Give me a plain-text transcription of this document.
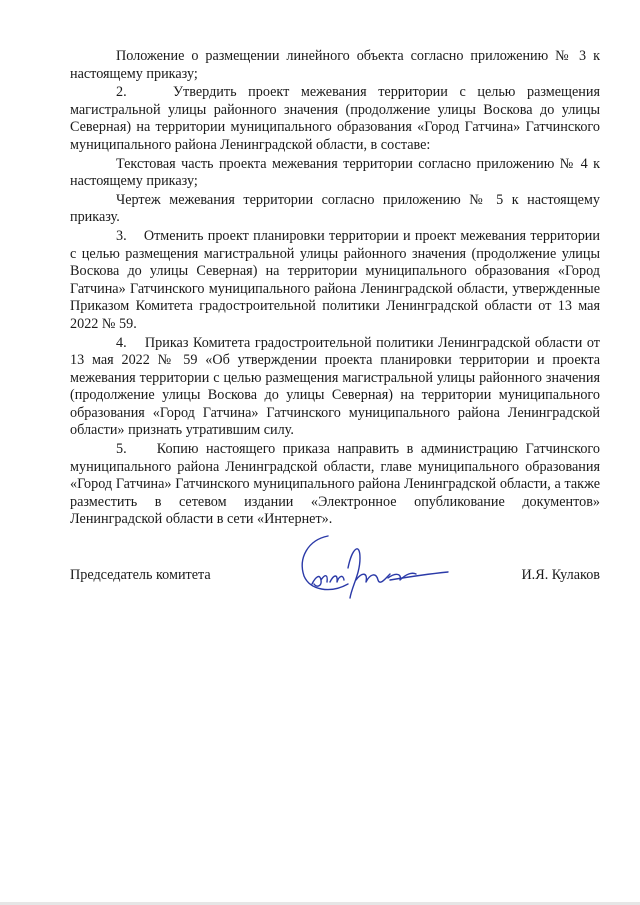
Положение о размещении линейного объекта согласно приложению № 3 к настоящему приказу;

2.    Утвердить проект межевания территории с целью размещения магистральной улицы районного значения (продолжение улицы Воскова до улицы Северная) на территории муниципального образования «Город Гатчина» Гатчинского муниципального района Ленинградской области, в составе:

Текстовая часть проекта межевания территории согласно приложению № 4 к настоящему приказу;

Чертеж межевания территории согласно приложению № 5 к настоящему приказу.

3.    Отменить проект планировки территории и проект межевания территории с целью размещения магистральной улицы районного значения (продолжение улицы Воскова до улицы Северная) на территории муниципального образования «Город Гатчина» Гатчинского муниципального района Ленинградской области, утвержденные Приказом Комитета градостроительной политики Ленинградской области от 13 мая 2022 № 59.

4.    Приказ Комитета градостроительной политики Ленинградской области от 13 мая 2022 № 59 «Об утверждении проекта планировки территории и проекта межевания территории с целью размещения магистральной улицы районного значения (продолжение улицы Воскова до улицы Северная) на территории муниципального образования «Город Гатчина» Гатчинского муниципального района Ленинградской области» признать утратившим силу.

5.    Копию настоящего приказа направить в администрацию Гатчинского муниципального района Ленинградской области, главе муниципального образования «Город Гатчина» Гатчинского муниципального района Ленинградской области, а также разместить в сетевом издании «Электронное опубликование документов» Ленинградской области в сети «Интернет».

Председатель комитета	И.Я. Кулаков
